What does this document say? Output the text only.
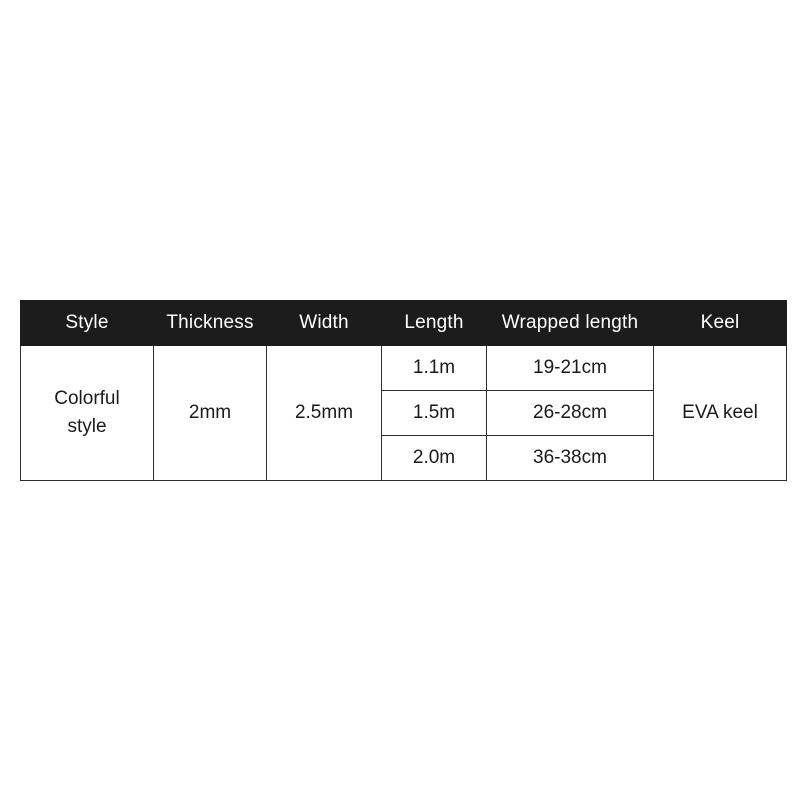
Style	Thickness	Width	Length	Wrapped length	Keel

Colorful
style	2mm	2.5mm	1.1m	19-21cm	EVA keel
			1.5m	26-28cm	
			2.0m	36-38cm	
